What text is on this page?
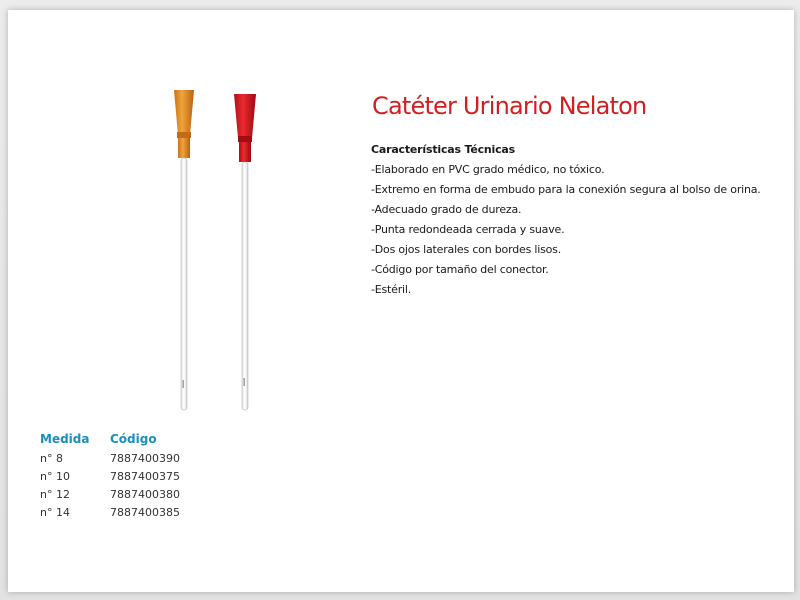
Catéter Urinario Nelaton
Características Técnicas
-Elaborado en PVC grado médico, no tóxico.
-Extremo en forma de embudo para la conexión segura al bolso de orina.
-Adecuado grado de dureza.
-Punta redondeada cerrada y suave.
-Dos ojos laterales con bordes lisos.
-Código por tamaño del conector.
-Estéril.
Medida	Código
n° 8	7887400390
n° 10	7887400375
n° 12	7887400380
n° 14	7887400385
